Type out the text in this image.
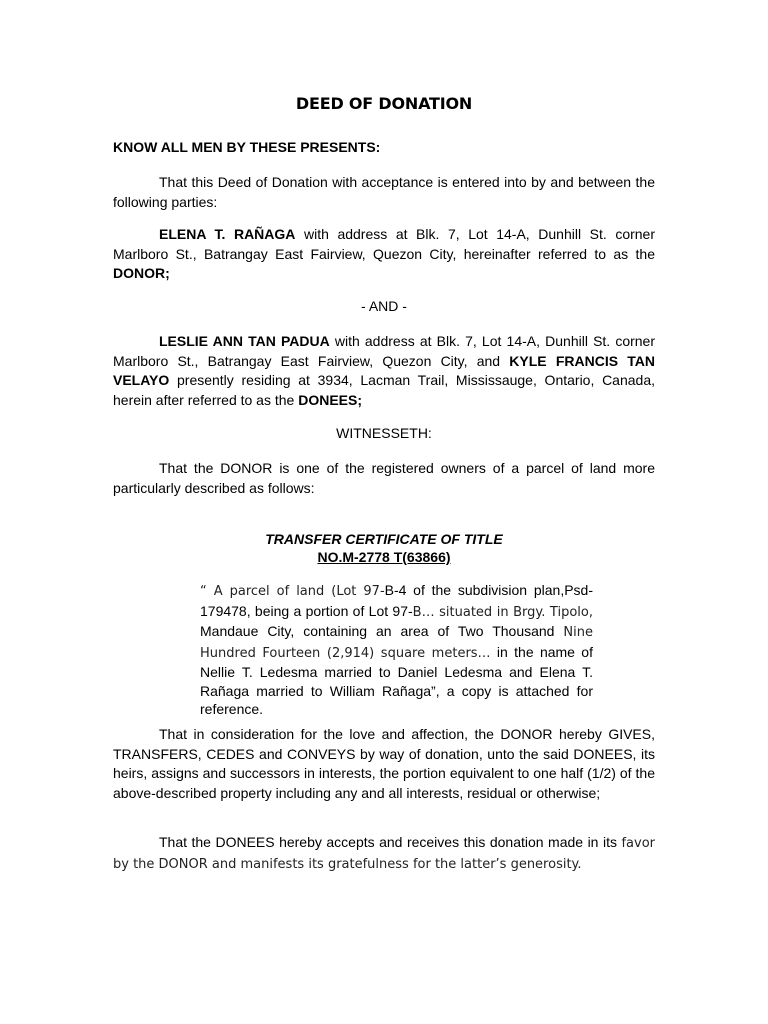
DEED OF DONATION

KNOW ALL MEN BY THESE PRESENTS:

That this Deed of Donation with acceptance is entered into by and between the following parties:

ELENA T. RAÑAGA with address at Blk. 7, Lot 14-A, Dunhill St. corner Marlboro St., Batrangay East Fairview, Quezon City, hereinafter referred to as the DONOR;

- AND -

LESLIE ANN TAN PADUA with address at Blk. 7, Lot 14-A, Dunhill St. corner Marlboro St., Batrangay East Fairview, Quezon City, and KYLE FRANCIS TAN VELAYO presently residing at 3934, Lacman Trail, Mississauge, Ontario, Canada, herein after referred to as the DONEES;

WITNESSETH:

That the DONOR is one of the registered owners of a parcel of land more particularly described as follows:

TRANSFER CERTIFICATE OF TITLE
NO.M-2778 T(63866)

“ A parcel of land (Lot 97-B-4 of the subdivision plan,Psd-179478, being a portion of Lot 97-B… situated in Brgy. Tipolo, Mandaue City, containing an area of Two Thousand Nine Hundred Fourteen (2,914) square meters… in the name of Nellie T. Ledesma married to Daniel Ledesma and Elena T. Rañaga married to William Rañaga”, a copy is attached for reference.

That in consideration for the love and affection, the DONOR hereby GIVES, TRANSFERS, CEDES and CONVEYS by way of donation, unto the said DONEES, its heirs, assigns and successors in interests, the portion equivalent to one half (1/2) of the above-described property including any and all interests, residual or otherwise;

That the DONEES hereby accepts and receives this donation made in its favor by the DONOR and manifests its gratefulness for the latter’s generosity.
